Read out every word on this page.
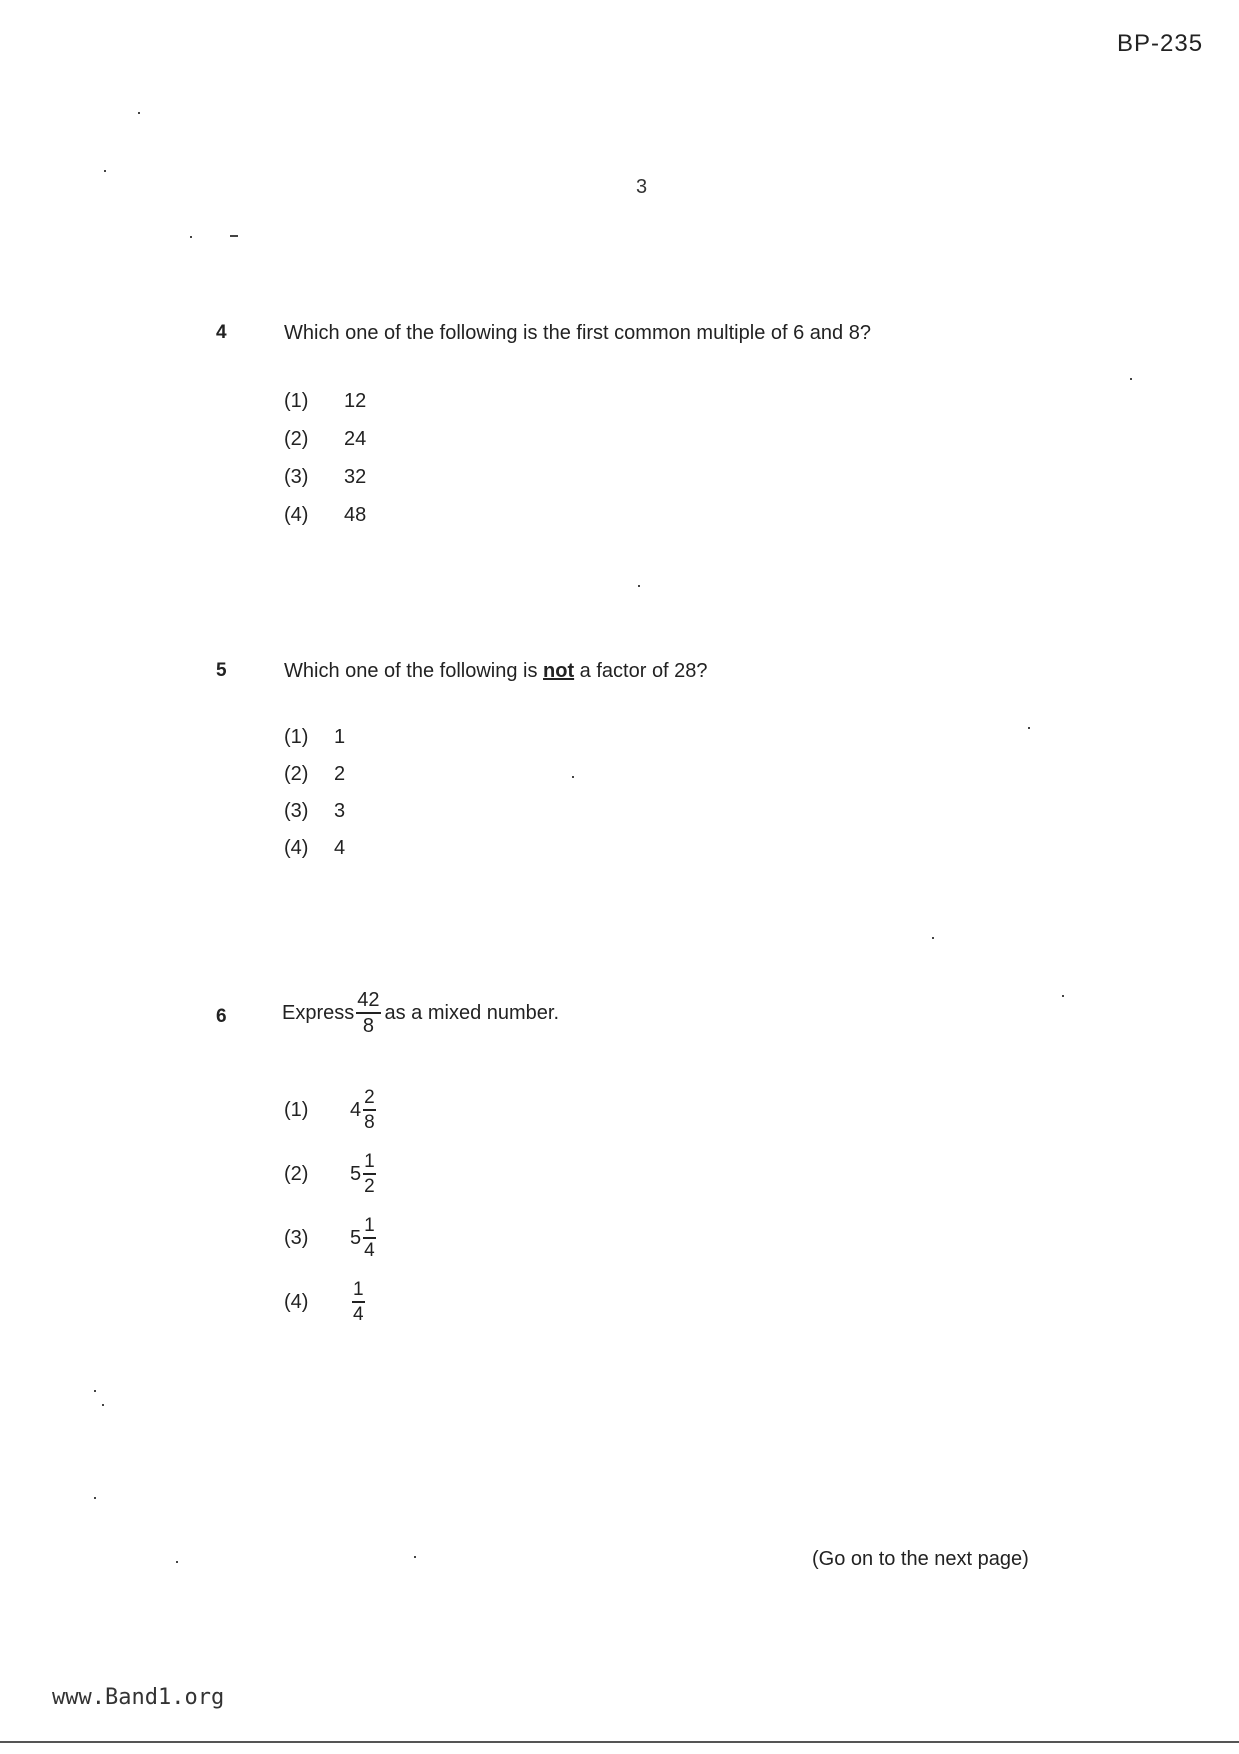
BP-235
3
4	Which one of the following is the first common multiple of 6 and 8?
(1)	12
(2)	24
(3)	32
(4)	48
5	Which one of the following is not a factor of 28?
(1)	1
(2)	2
(3)	3
(4)	4
6	Express $\frac{42}{8}$ as a mixed number.
(1)	$4 \frac{2}{8}$
(2)	$5 \frac{1}{2}$
(3)	$5 \frac{1}{4}$
(4)	$\frac{1}{4}$
(Go on to the next page)
www.Band1.org
